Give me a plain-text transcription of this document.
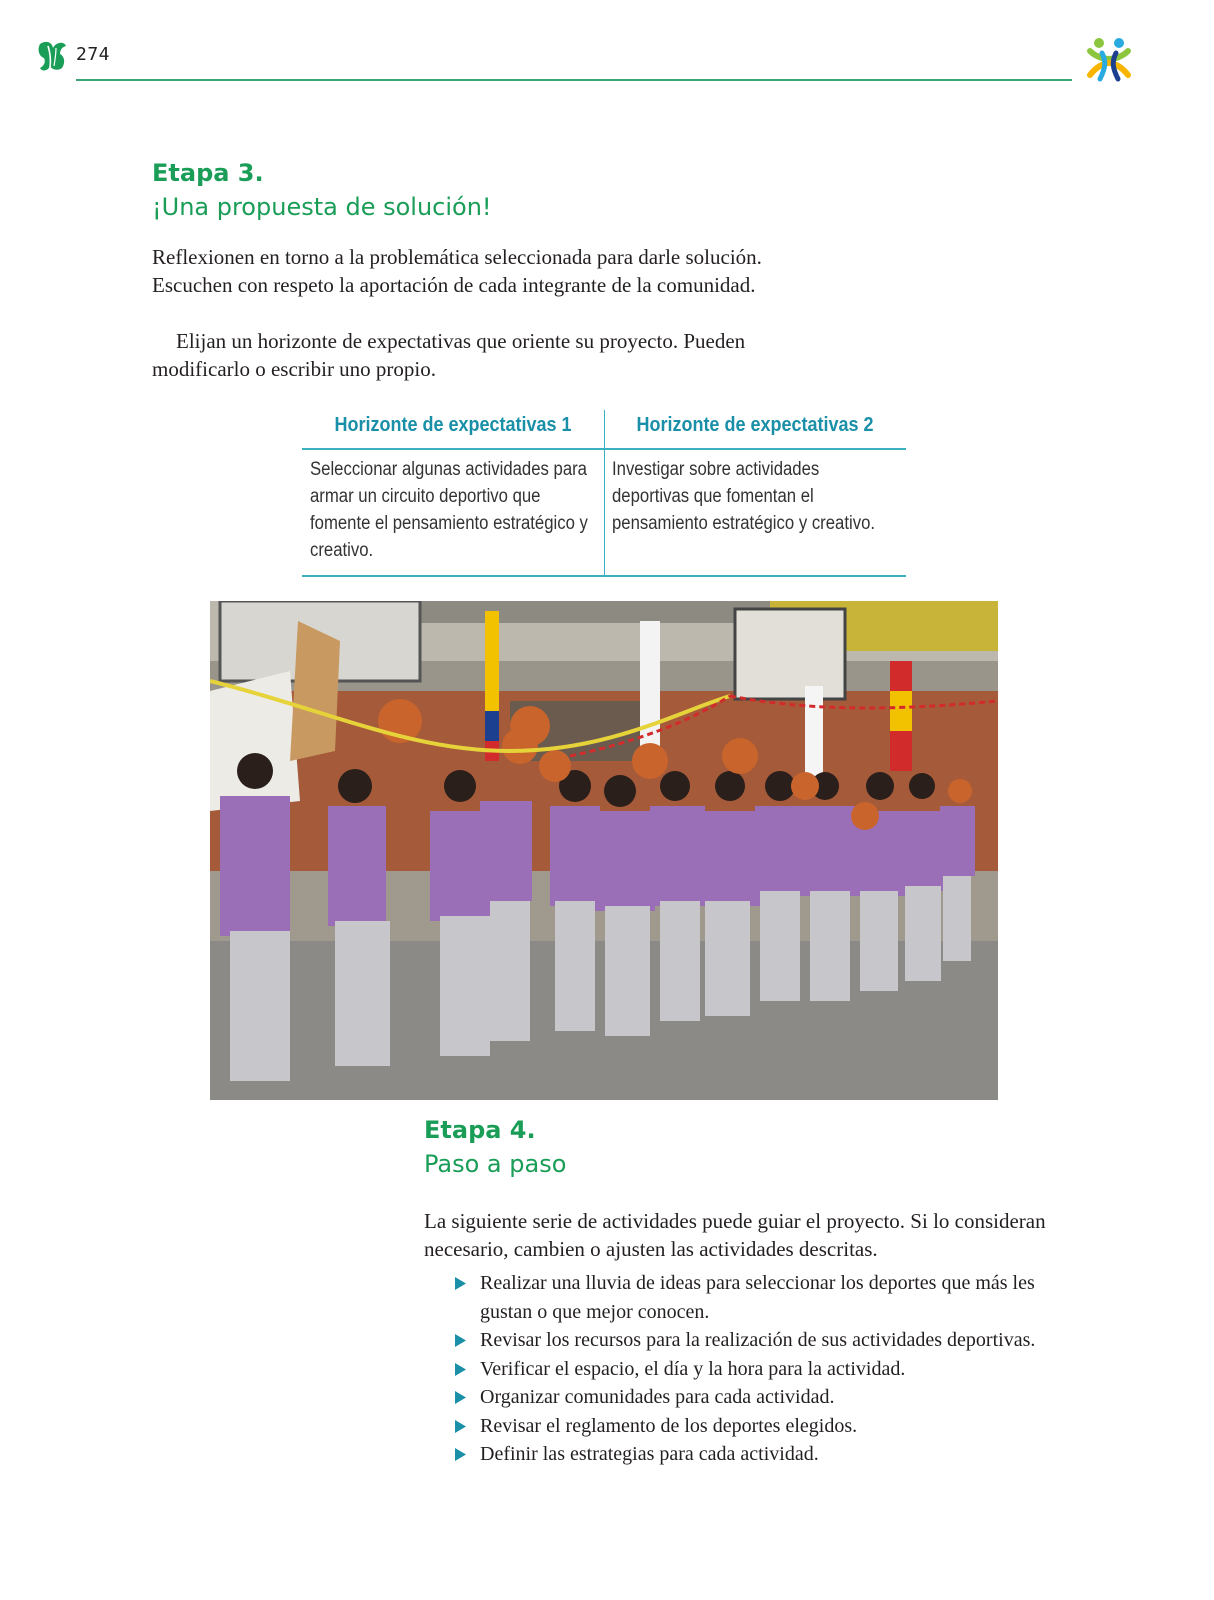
274
Etapa 3.
¡Una propuesta de solución!
Reflexionen en torno a la problemática seleccionada para darle solución. Escuchen con respeto la aportación de cada integrante de la comunidad.
Elijan un horizonte de expectativas que oriente su proyecto. Pueden modificarlo o escribir uno propio.
Horizonte de expectativas 1
Seleccionar algunas actividades para armar un circuito deportivo que fomente el pensamiento estratégico y creativo.
Horizonte de expectativas 2
Investigar sobre actividades deportivas que fomentan el pensamiento estratégico y creativo.
Etapa 4.
Paso a paso
La siguiente serie de actividades puede guiar el proyecto. Si lo consideran necesario, cambien o ajusten las actividades descritas.
Realizar una lluvia de ideas para seleccionar los deportes que más les gustan o que mejor conocen.
Revisar los recursos para la realización de sus actividades deportivas.
Verificar el espacio, el día y la hora para la actividad.
Organizar comunidades para cada actividad.
Revisar el reglamento de los deportes elegidos.
Definir las estrategias para cada actividad.
